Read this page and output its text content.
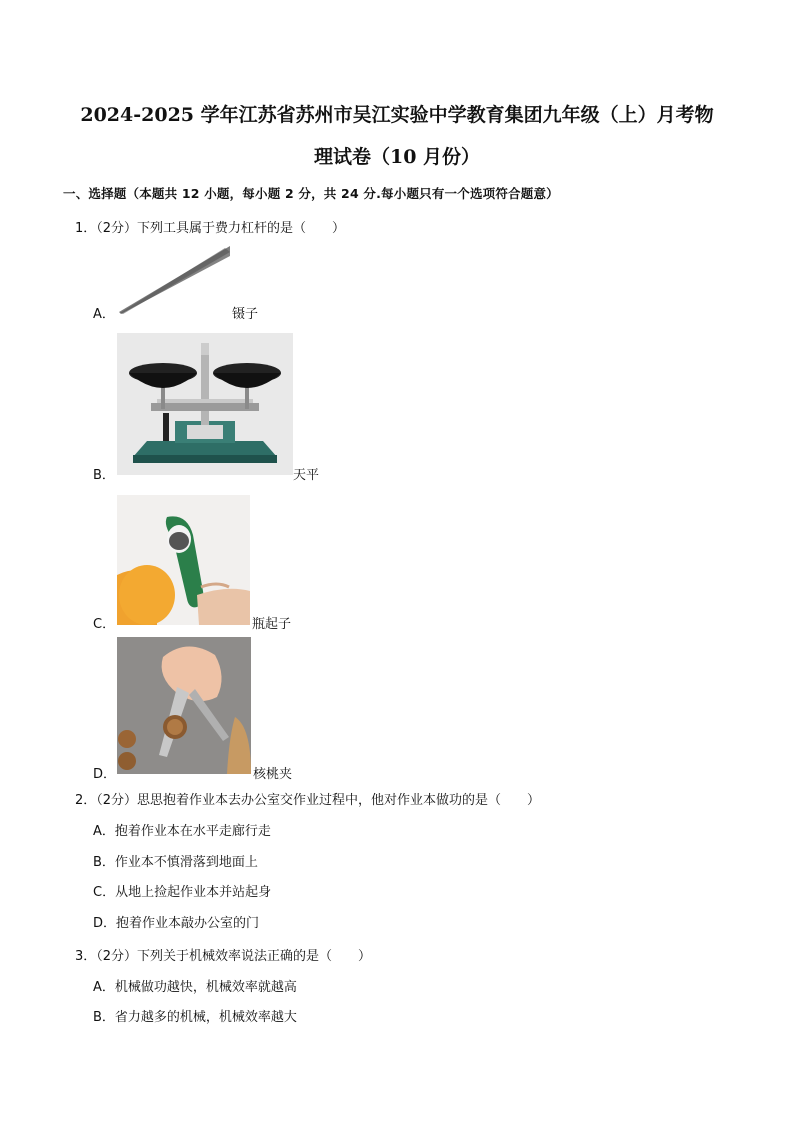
2024-2025 学年江苏省苏州市吴江实验中学教育集团九年级（上）月考物
理试卷（10 月份）
一、选择题（本题共 12 小题，每小题 2 分，共 24 分.每小题只有一个选项符合题意）
1．（2分）下列工具属于费力杠杆的是（　　）
A．	镊子
B．	天平
C．	瓶起子
D．	核桃夹
2．（2分）思思抱着作业本去办公室交作业过程中，他对作业本做功的是（　　）
A．抱着作业本在水平走廊行走
B．作业本不慎滑落到地面上
C．从地上捡起作业本并站起身
D．抱着作业本敲办公室的门
3．（2分）下列关于机械效率说法正确的是（　　）
A．机械做功越快，机械效率就越高
B．省力越多的机械，机械效率越大
